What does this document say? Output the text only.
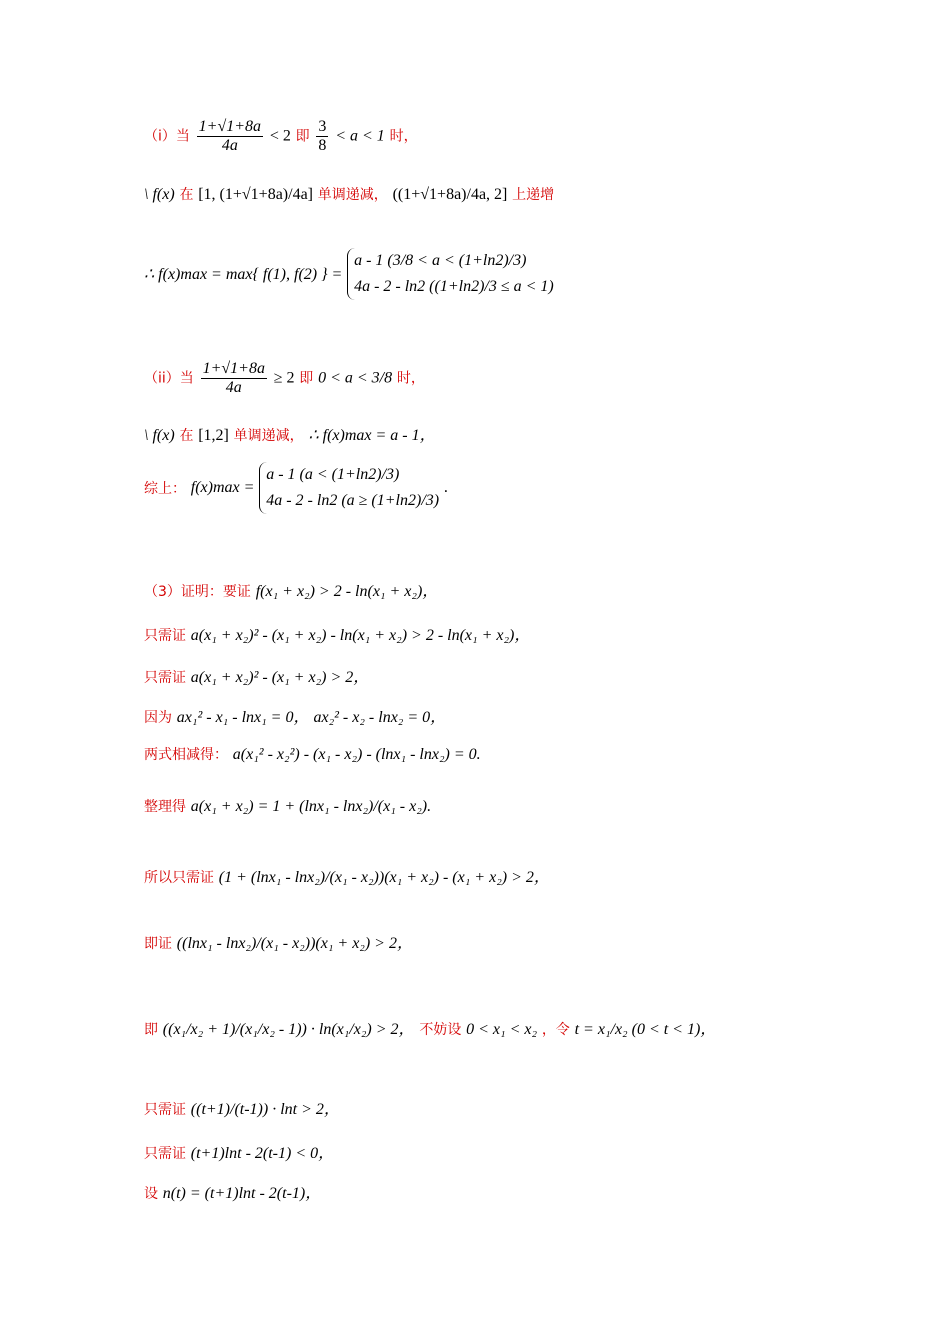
（i）当 $\frac{1+√1+8a}{4a} < 2$ 即 $\frac{3}{8} < a < 1$ 时，
\ f(x) 在 [1, (1+√1+8a)/4a] 单调递减， ((1+√1+8a)/4a, 2] 上递增
∴ f(x)max = max{ f(1), f(2) } =
a - 1 (3/8 < a < (1+ln2)/3)
4a - 2 - ln2 ((1+ln2)/3 ≤ a < 1)
（ii）当 $\frac{1+√1+8a}{4a} \ge 2$ 即 0 < a < 3/8 时，
\ f(x) 在 [1,2] 单调递减， ∴ f(x)max = a - 1，
综上： f(x)max =
a - 1 (a < (1+ln2)/3)
4a - 2 - ln2 (a ≥ (1+ln2)/3)
.
（3）证明：要证 f(x₁ + x₂) > 2 - ln(x₁ + x₂)，
只需证 a(x₁ + x₂)² - (x₁ + x₂) - ln(x₁ + x₂) > 2 - ln(x₁ + x₂)，
只需证 a(x₁ + x₂)² - (x₁ + x₂) > 2，
因为 ax₁² - x₁ - lnx₁ = 0， ax₂² - x₂ - lnx₂ = 0，
两式相减得： a(x₁² - x₂²) - (x₁ - x₂) - (lnx₁ - lnx₂) = 0.
整理得 a(x₁ + x₂) = 1 + (lnx₁ - lnx₂)/(x₁ - x₂).
所以只需证 (1 + (lnx₁ - lnx₂)/(x₁ - x₂))(x₁ + x₂) - (x₁ + x₂) > 2，
即证 ((lnx₁ - lnx₂)/(x₁ - x₂))(x₁ + x₂) > 2，
即 ((x₁/x₂ + 1)/(x₁/x₂ - 1)) · ln(x₁/x₂) > 2， 不妨设 0 < x₁ < x₂ ，令 t = x₁/x₂ (0 < t < 1)，
只需证 ((t+1)/(t-1)) · lnt > 2，
只需证 (t+1)lnt - 2(t-1) < 0，
设 n(t) = (t+1)lnt - 2(t-1)，
